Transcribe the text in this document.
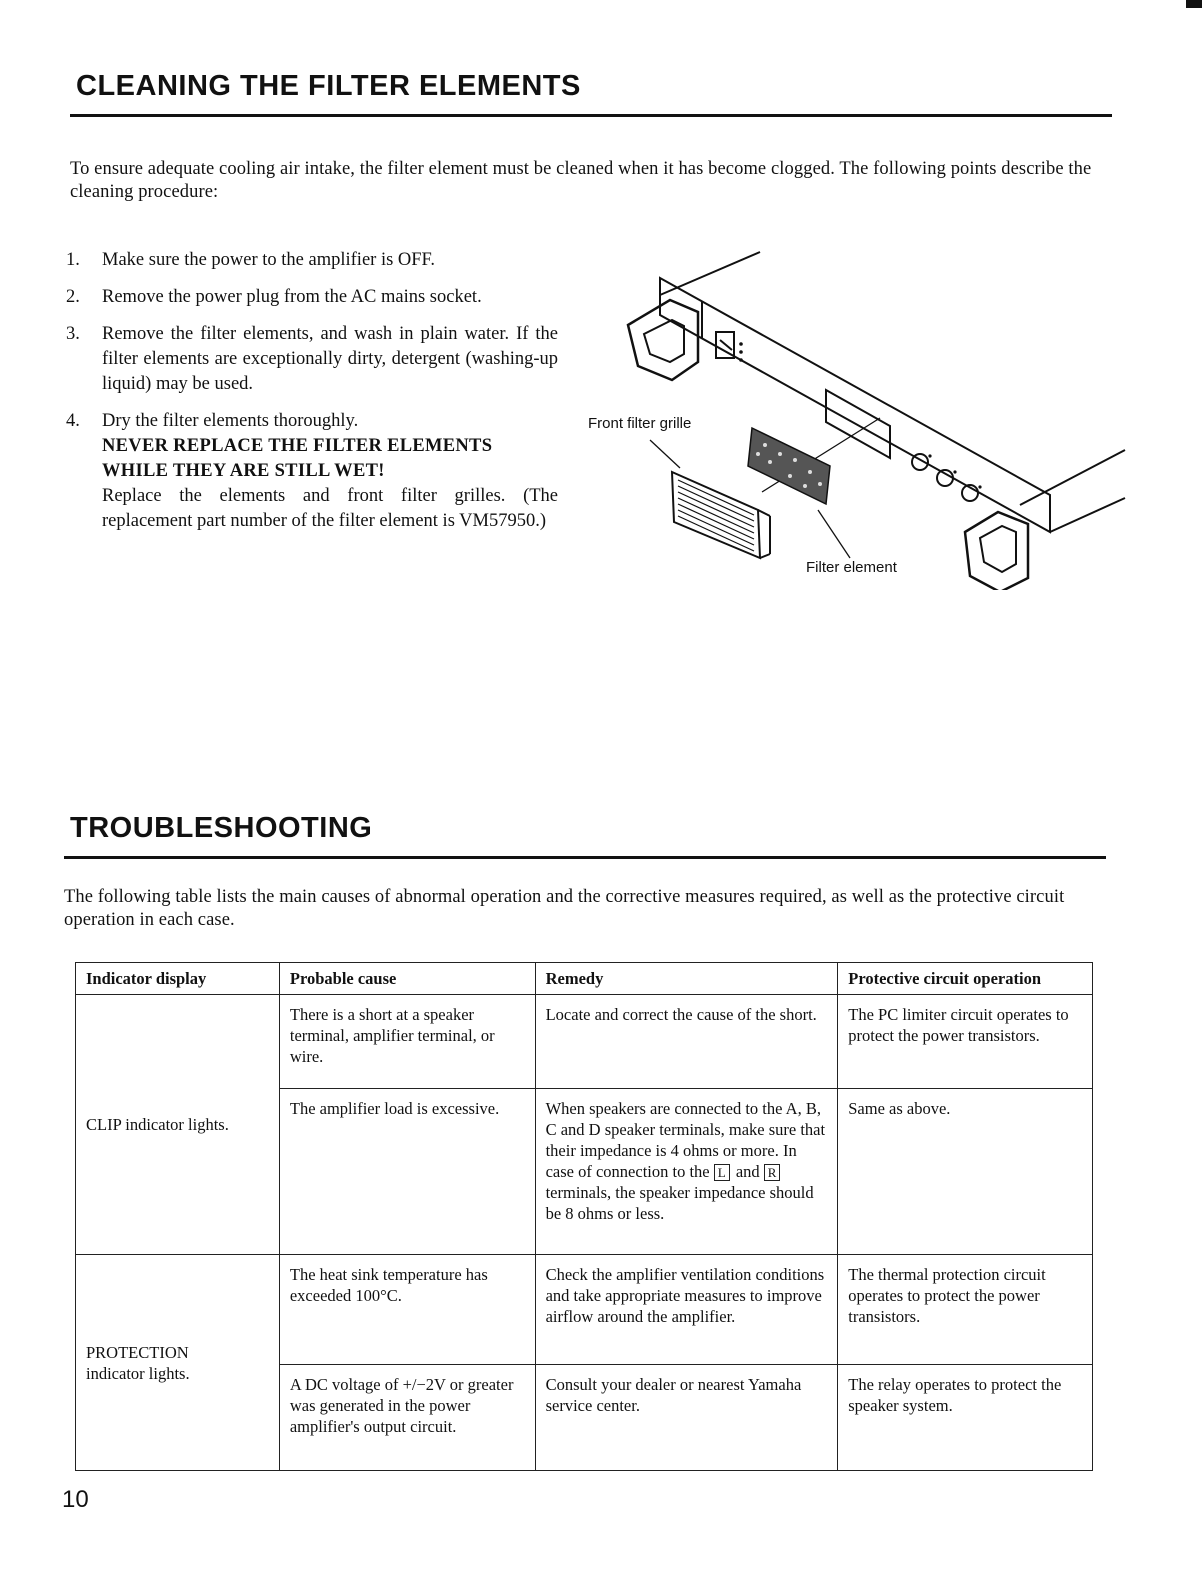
CLEANING THE FILTER ELEMENTS

To ensure adequate cooling air intake, the filter element must be cleaned when it has become clogged. The following points describe the cleaning procedure:

1. Make sure the power to the amplifier is OFF.
2. Remove the power plug from the AC mains socket.
3. Remove the filter elements, and wash in plain water. If the filter elements are exceptionally dirty, detergent (washing-up liquid) may be used.
4. Dry the filter elements thoroughly.
NEVER REPLACE THE FILTER ELEMENTS WHILE THEY ARE STILL WET!
Replace the elements and front filter grilles. (The replacement part number of the filter element is VM57950.)
Front filter grille
Filter element
TROUBLESHOOTING

The following table lists the main causes of abnormal operation and the corrective measures required, as well as the protective circuit operation in each case.

Indicator display	Probable cause	Remedy	Protective circuit operation
CLIP indicator lights.	There is a short at a speaker terminal, amplifier terminal, or wire.	Locate and correct the cause of the short.	The PC limiter circuit operates to protect the power transistors.
	The amplifier load is excessive.	When speakers are connected to the A, B, C and D speaker terminals, make sure that their impedance is 4 ohms or more. In case of connection to the L and R terminals, the speaker impedance should be 8 ohms or less.	Same as above.
PROTECTION
indicator lights.	The heat sink temperature has exceeded 100°C.	Check the amplifier ventilation conditions and take appropriate measures to improve airflow around the amplifier.	The thermal protection circuit operates to protect the power transistors.
	A DC voltage of +/−2V or greater was generated in the power amplifier's output circuit.	Consult your dealer or nearest Yamaha service center.	The relay operates to protect the speaker system.
10
